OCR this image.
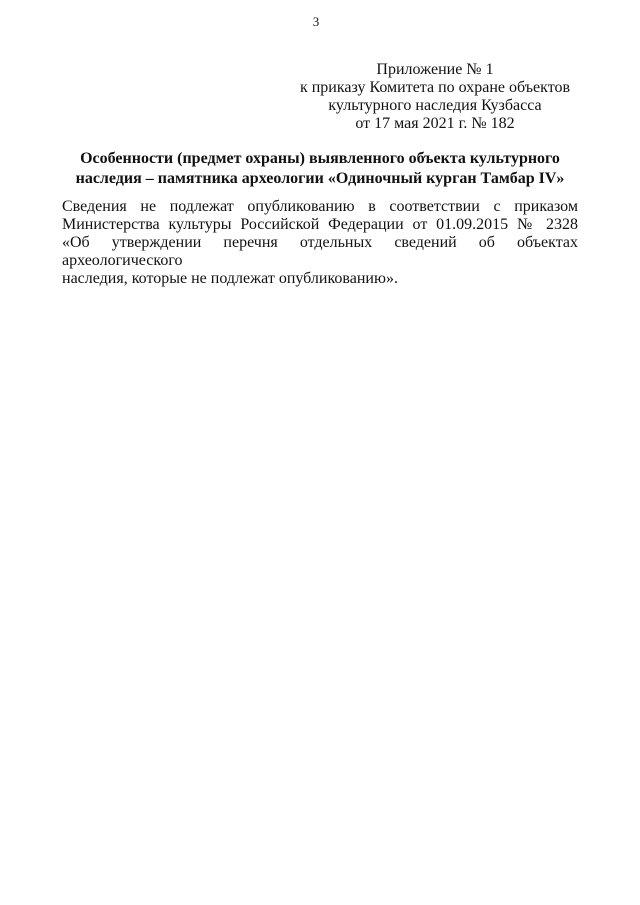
3
Приложение № 1
к приказу Комитета по охране объектов
культурного наследия Кузбасса
от 17 мая 2021 г. № 182
Особенности (предмет охраны) выявленного объекта культурного
наследия – памятника археологии «Одиночный курган Тамбар IV»
Сведения не подлежат опубликованию в соответствии с приказом
Министерства культуры Российской Федерации от 01.09.2015 № 2328
«Об утверждении перечня отдельных сведений об объектах археологического
наследия, которые не подлежат опубликованию».
